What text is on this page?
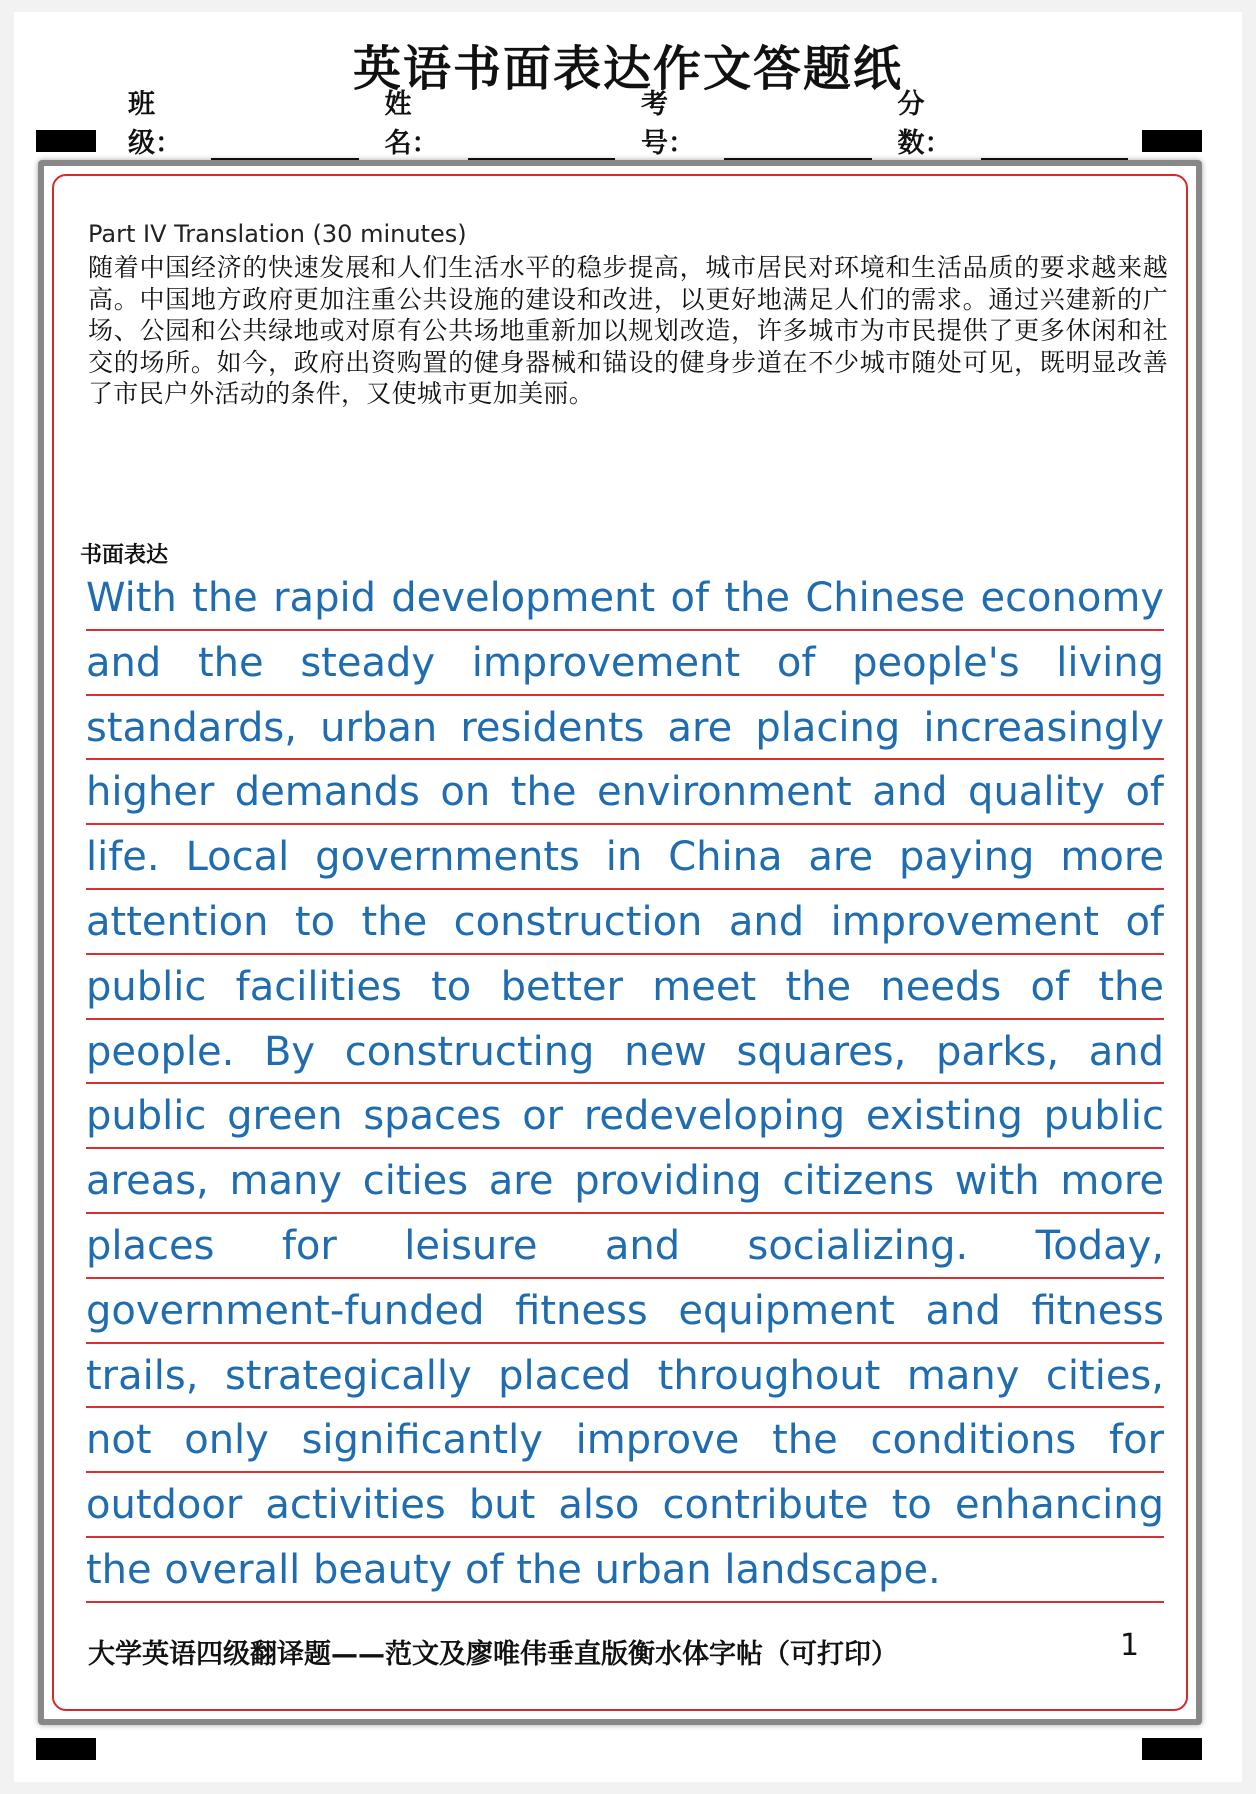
英语书面表达作文答题纸
班级：
姓名：
考号：
分数：
Part IV Translation (30 minutes)
随着中国经济的快速发展和人们生活水平的稳步提高，城市居民对环境和生活品质的要求越来越高。中国地方政府更加注重公共设施的建设和改进，以更好地满足人们的需求。通过兴建新的广场、公园和公共绿地或对原有公共场地重新加以规划改造，许多城市为市民提供了更多休闲和社交的场所。如今，政府出资购置的健身器械和锚设的健身步道在不少城市随处可见，既明显改善了市民户外活动的条件，又使城市更加美丽。
书面表达
With the rapid development of the Chinese economy
and the steady improvement of people's living
standards, urban residents are placing increasingly
higher demands on the environment and quality of
life. Local governments in China are paying more
attention to the construction and improvement of
public facilities to better meet the needs of the
people. By constructing new squares, parks, and
public green spaces or redeveloping existing public
areas, many cities are providing citizens with more
places for leisure and socializing. Today,
government-funded fitness equipment and fitness
trails, strategically placed throughout many cities,
not only significantly improve the conditions for
outdoor activities but also contribute to enhancing
the overall beauty of the urban landscape.
大学英语四级翻译题——范文及廖唯伟垂直版衡水体字帖（可打印）	1
